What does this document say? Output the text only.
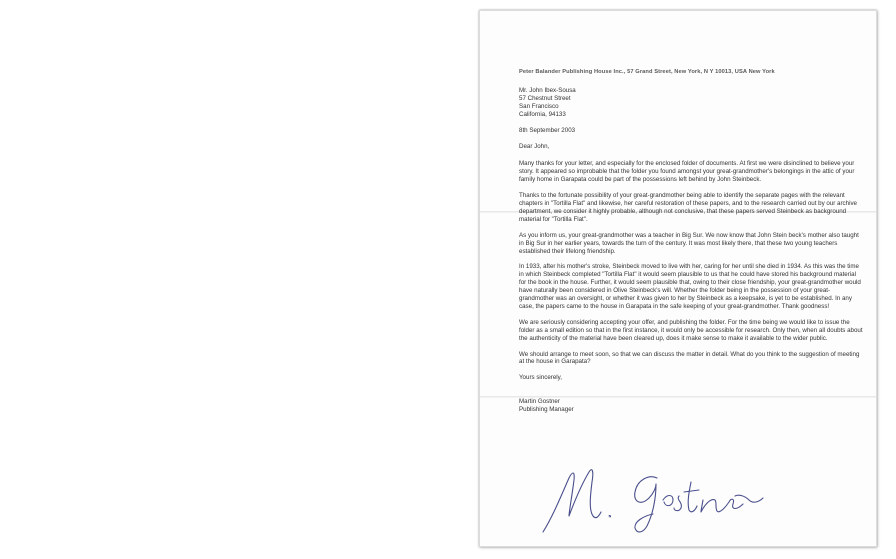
Peter Balander Publishing House Inc., 57 Grand Street, New York, N Y 10013, USA New York
Mr. John Ibex-Sousa
57 Chestnut Street
San Francisco
California, 94133
8th September 2003
Dear John,

Many thanks for your letter, and especially for the enclosed folder of documents. At first we were disinclined to believe your story. It appeared so improbable that the folder you found amongst your great-grandmother's belongings in the attic of your family home in Garapata could be part of the possessions left behind by John Steinbeck.

Thanks to the fortunate possibility of your great-grandmother being able to identify the separate pages with the relevant chapters in "Tortilla Flat" and likewise, her careful restoration of these papers, and to the research carried out by our archive department, we consider it highly probable, although not conclusive, that these papers served Steinbeck as background material for "Tortilla Flat".

As you inform us, your great-grandmother was a teacher in Big Sur. We now know that John Stein beck's mother also taught in Big Sur in her earlier years, towards the turn of the century. It was most likely there, that these two young teachers established their lifelong friendship.

In 1933, after his mother's stroke, Steinbeck moved to live with her, caring for her until she died in 1934. As this was the time in which Steinbeck completed "Tortilla Flat" it would seem plausible to us that he could have stored his background material for the book in the house. Further, it would seem plausible that, owing to their close friendship, your great-grandmother would have naturally been considered in Olive Steinbeck's will. Whether the folder being in the possession of your great-grandmother was an oversight, or whether it was given to her by Steinbeck as a keepsake, is yet to be established. In any case, the papers came to the house in Garapata in the safe keeping of your great-grandmother. Thank goodness!

We are seriously considering accepting your offer, and publishing the folder. For the time being we would like to issue the folder as a small edition so that in the first instance, it would only be accessible for research. Only then, when all doubts about the authenticity of the material have been cleared up, does it make sense to make it available to the wider public.

We should arrange to meet soon, so that we can discuss the matter in detail. What do you think to the suggestion of meeting at the house in Garapata?

Yours sincerely,
Martin Gostner
Publishing Manager
